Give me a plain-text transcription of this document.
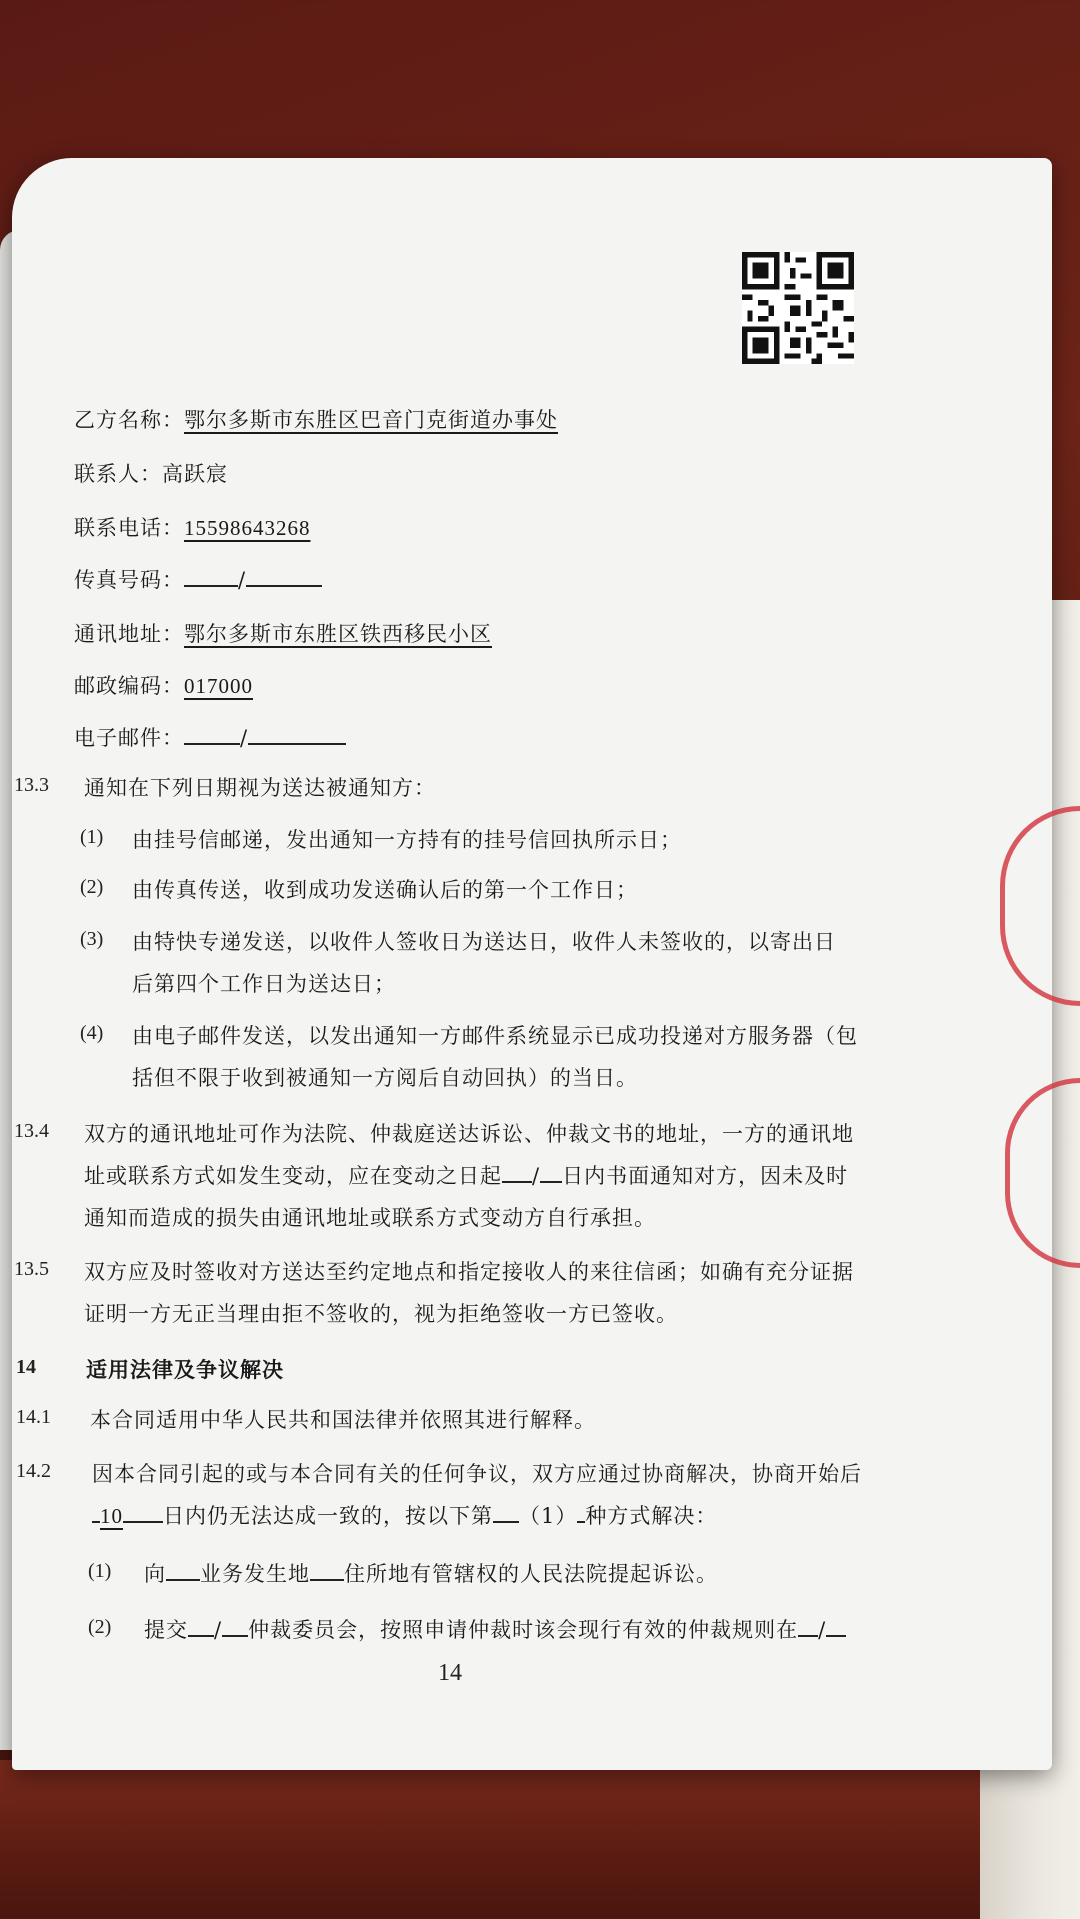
乙方名称：鄂尔多斯市东胜区巴音门克街道办事处
联系人：高跃宸
联系电话：15598643268
传真号码：	/
通讯地址：鄂尔多斯市东胜区铁西移民小区
邮政编码：017000
电子邮件：	/
13.3 通知在下列日期视为送达被通知方：
(1) 由挂号信邮递，发出通知一方持有的挂号信回执所示日；
(2) 由传真传送，收到成功发送确认后的第一个工作日；
(3) 由特快专递发送，以收件人签收日为送达日，收件人未签收的，以寄出日
后第四个工作日为送达日；
(4) 由电子邮件发送，以发出通知一方邮件系统显示已成功投递对方服务器（包
括但不限于收到被通知一方阅后自动回执）的当日。
13.4 双方的通讯地址可作为法院、仲裁庭送达诉讼、仲裁文书的地址，一方的通讯地
址或联系方式如发生变动，应在变动之日起 / 日内书面通知对方，因未及时
通知而造成的损失由通讯地址或联系方式变动方自行承担。
13.5 双方应及时签收对方送达至约定地点和指定接收人的来往信函；如确有充分证据
证明一方无正当理由拒不签收的，视为拒绝签收一方已签收。
14 适用法律及争议解决
14.1 本合同适用中华人民共和国法律并依照其进行解释。
14.2 因本合同引起的或与本合同有关的任何争议，双方应通过协商解决，协商开始后
10 日内仍无法达成一致的，按以下第 （1） 种方式解决：
(1) 向 业务发生地 住所地有管辖权的人民法院提起诉讼。
(2) 提交 / 仲裁委员会，按照申请仲裁时该会现行有效的仲裁规则在 /
14
